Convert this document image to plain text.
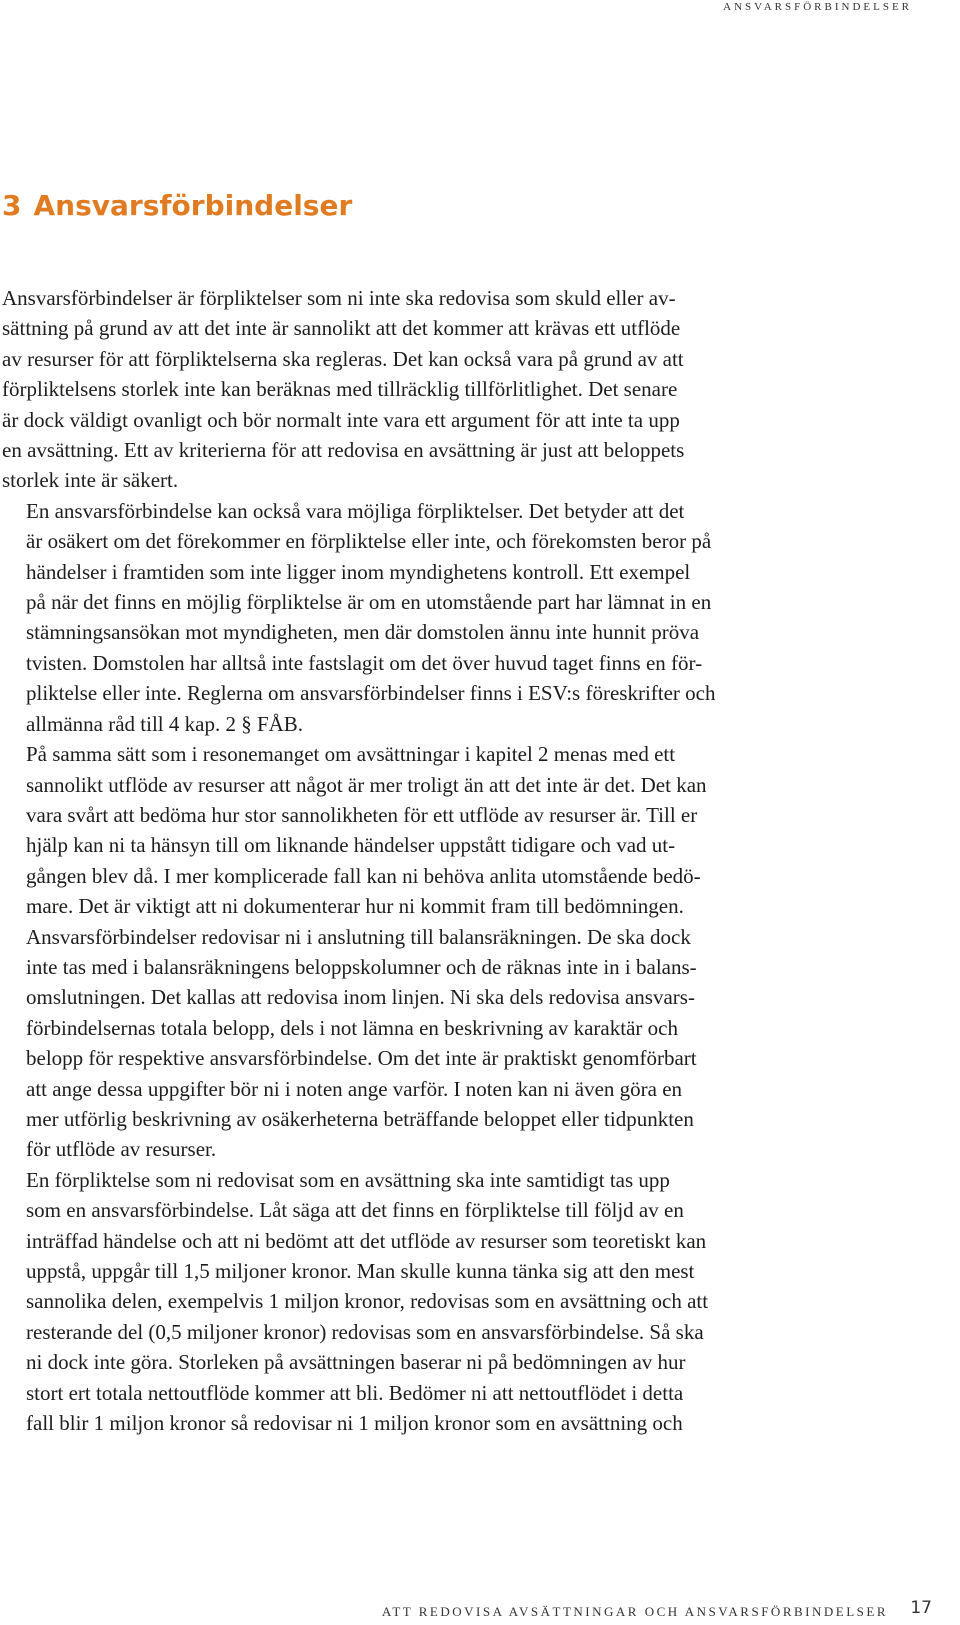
ANSVARSFÖRBINDELSER
3 Ansvarsförbindelser

Ansvarsförbindelser är förpliktelser som ni inte ska redovisa som skuld eller av-
sättning på grund av att det inte är sannolikt att det kommer att krävas ett utflöde
av resurser för att förpliktelserna ska regleras. Det kan också vara på grund av att
förpliktelsens storlek inte kan beräknas med tillräcklig tillförlitlighet. Det senare
är dock väldigt ovanligt och bör normalt inte vara ett argument för att inte ta upp
en avsättning. Ett av kriterierna för att redovisa en avsättning är just att beloppets
storlek inte är säkert.

En ansvarsförbindelse kan också vara möjliga förpliktelser. Det betyder att det
är osäkert om det förekommer en förpliktelse eller inte, och förekomsten beror på
händelser i framtiden som inte ligger inom myndighetens kontroll. Ett exempel
på när det finns en möjlig förpliktelse är om en utomstående part har lämnat in en
stämningsansökan mot myndigheten, men där domstolen ännu inte hunnit pröva
tvisten. Domstolen har alltså inte fastslagit om det över huvud taget finns en för-
pliktelse eller inte. Reglerna om ansvarsförbindelser finns i ESV:s föreskrifter och
allmänna råd till 4 kap. 2 § FÅB.

På samma sätt som i resonemanget om avsättningar i kapitel 2 menas med ett
sannolikt utflöde av resurser att något är mer troligt än att det inte är det. Det kan
vara svårt att bedöma hur stor sannolikheten för ett utflöde av resurser är. Till er
hjälp kan ni ta hänsyn till om liknande händelser uppstått tidigare och vad ut-
gången blev då. I mer komplicerade fall kan ni behöva anlita utomstående bedö-
mare. Det är viktigt att ni dokumenterar hur ni kommit fram till bedömningen.

Ansvarsförbindelser redovisar ni i anslutning till balansräkningen. De ska dock
inte tas med i balansräkningens beloppskolumner och de räknas inte in i balans-
omslutningen. Det kallas att redovisa inom linjen. Ni ska dels redovisa ansvars-
förbindelsernas totala belopp, dels i not lämna en beskrivning av karaktär och
belopp för respektive ansvarsförbindelse. Om det inte är praktiskt genomförbart
att ange dessa uppgifter bör ni i noten ange varför. I noten kan ni även göra en
mer utförlig beskrivning av osäkerheterna beträffande beloppet eller tidpunkten
för utflöde av resurser.

En förpliktelse som ni redovisat som en avsättning ska inte samtidigt tas upp
som en ansvarsförbindelse. Låt säga att det finns en förpliktelse till följd av en
inträffad händelse och att ni bedömt att det utflöde av resurser som teoretiskt kan
uppstå, uppgår till 1,5 miljoner kronor. Man skulle kunna tänka sig att den mest
sannolika delen, exempelvis 1 miljon kronor, redovisas som en avsättning och att
resterande del (0,5 miljoner kronor) redovisas som en ansvarsförbindelse. Så ska
ni dock inte göra. Storleken på avsättningen baserar ni på bedömningen av hur
stort ert totala nettoutflöde kommer att bli. Bedömer ni att nettoutflödet i detta
fall blir 1 miljon kronor så redovisar ni 1 miljon kronor som en avsättning och

ATT REDOVISA AVSÄTTNINGAR OCH ANSVARSFÖRBINDELSER 17
